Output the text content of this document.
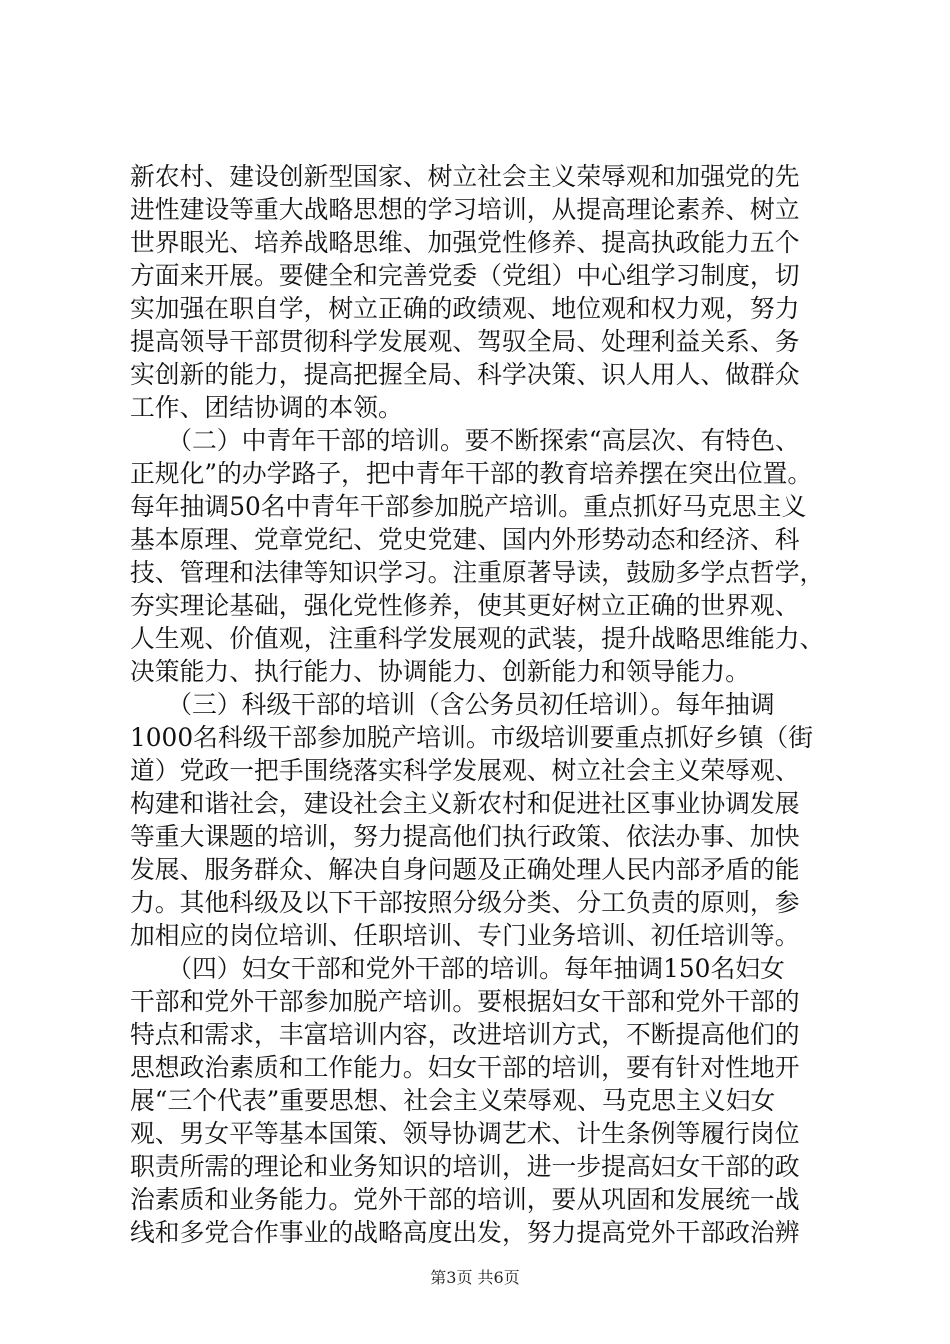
新农村、建设创新型国家、树立社会主义荣辱观和加强党的先
进性建设等重大战略思想的学习培训，从提高理论素养、树立
世界眼光、培养战略思维、加强党性修养、提高执政能力五个
方面来开展。要健全和完善党委（党组）中心组学习制度，切
实加强在职自学，树立正确的政绩观、地位观和权力观，努力
提高领导干部贯彻科学发展观、驾驭全局、处理利益关系、务
实创新的能力，提高把握全局、科学决策、识人用人、做群众
工作、团结协调的本领。
　　（二）中青年干部的培训。要不断探索“高层次、有特色、
正规化”的办学路子，把中青年干部的教育培养摆在突出位置。
每年抽调50名中青年干部参加脱产培训。重点抓好马克思主义
基本原理、党章党纪、党史党建、国内外形势动态和经济、科
技、管理和法律等知识学习。注重原著导读，鼓励多学点哲学，
夯实理论基础，强化党性修养，使其更好树立正确的世界观、
人生观、价值观，注重科学发展观的武装，提升战略思维能力、
决策能力、执行能力、协调能力、创新能力和领导能力。
　　（三）科级干部的培训（含公务员初任培训）。每年抽调
1000名科级干部参加脱产培训。市级培训要重点抓好乡镇（街
道）党政一把手围绕落实科学发展观、树立社会主义荣辱观、
构建和谐社会，建设社会主义新农村和促进社区事业协调发展
等重大课题的培训，努力提高他们执行政策、依法办事、加快
发展、服务群众、解决自身问题及正确处理人民内部矛盾的能
力。其他科级及以下干部按照分级分类、分工负责的原则，参
加相应的岗位培训、任职培训、专门业务培训、初任培训等。
　　（四）妇女干部和党外干部的培训。每年抽调150名妇女
干部和党外干部参加脱产培训。要根据妇女干部和党外干部的
特点和需求，丰富培训内容，改进培训方式，不断提高他们的
思想政治素质和工作能力。妇女干部的培训，要有针对性地开
展“三个代表”重要思想、社会主义荣辱观、马克思主义妇女
观、男女平等基本国策、领导协调艺术、计生条例等履行岗位
职责所需的理论和业务知识的培训，进一步提高妇女干部的政
治素质和业务能力。党外干部的培训，要从巩固和发展统一战
线和多党合作事业的战略高度出发，努力提高党外干部政治辨
第3页 共6页
